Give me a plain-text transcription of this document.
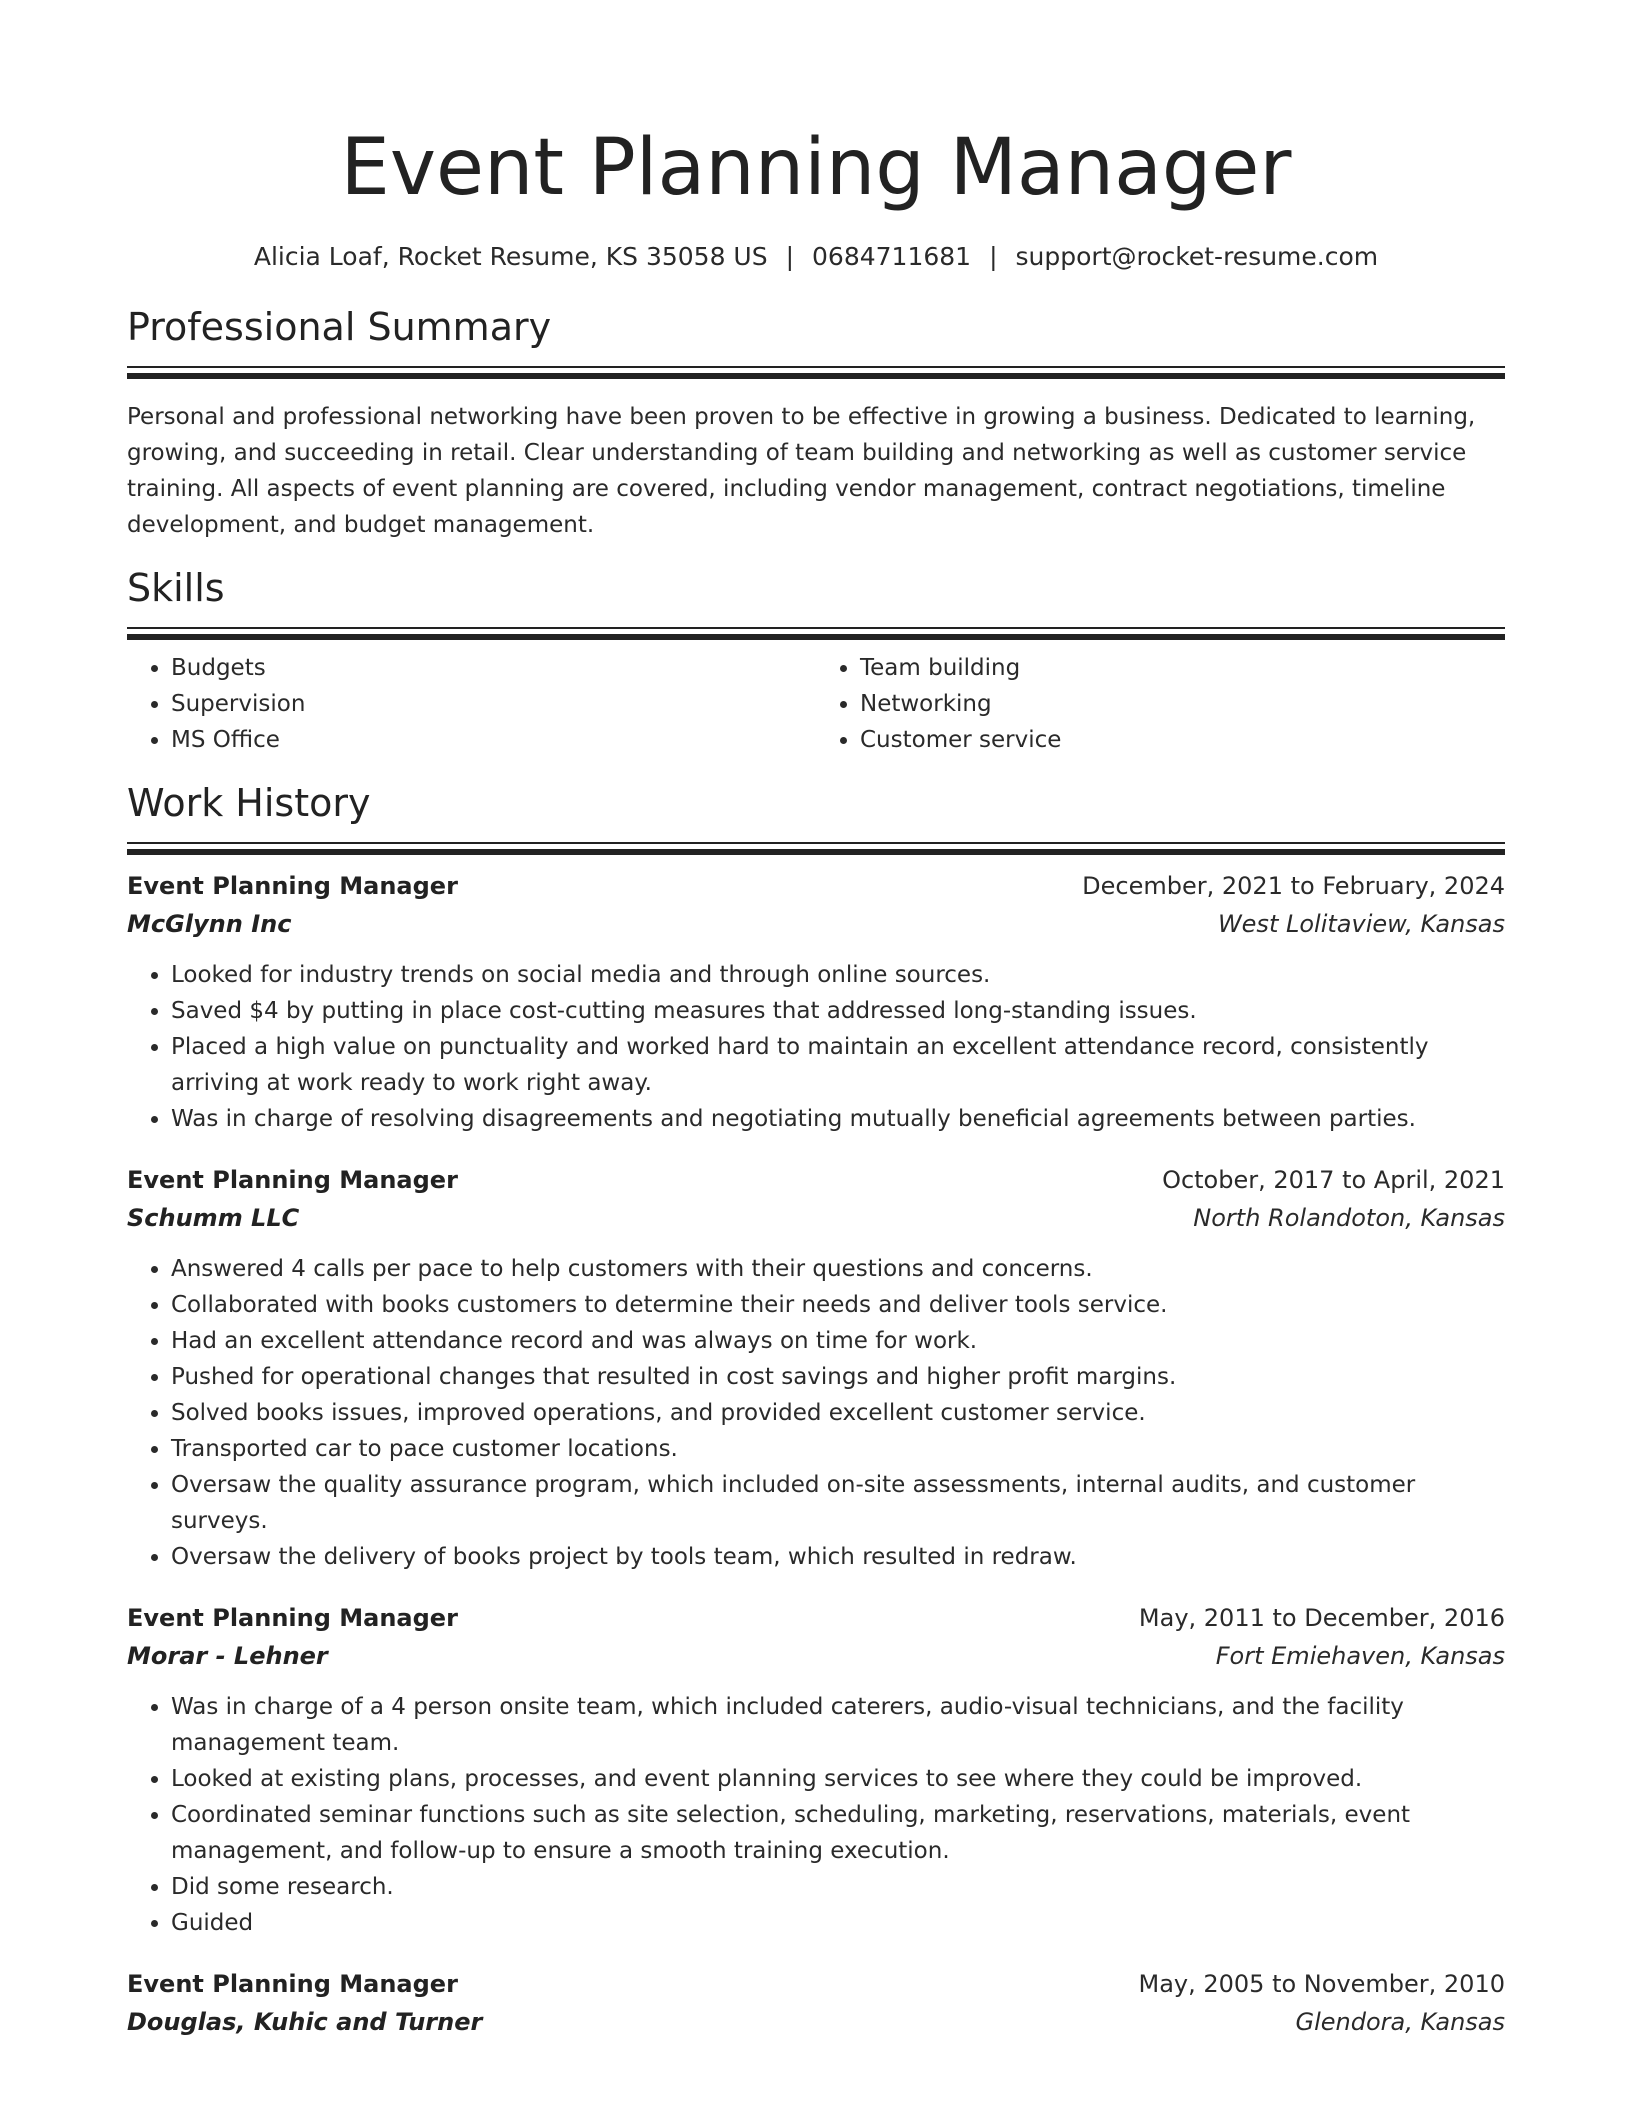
Event Planning Manager
Alicia Loaf, Rocket Resume, KS 35058 US | 0684711681 | support@rocket-resume.com
Professional Summary

Personal and professional networking have been proven to be effective in growing a business. Dedicated to learning, growing, and succeeding in retail. Clear understanding of team building and networking as well as customer service training. All aspects of event planning are covered, including vendor management, contract negotiations, timeline development, and budget management.

Skills
• Budgets
• Supervision
• MS Office
• Team building
• Networking
• Customer service
Work History
Event Planning Manager	December, 2021 to February, 2024
McGlynn Inc	West Lolitaview, Kansas
• Looked for industry trends on social media and through online sources.
• Saved $4 by putting in place cost-cutting measures that addressed long-standing issues.
• Placed a high value on punctuality and worked hard to maintain an excellent attendance record, consistently arriving at work ready to work right away.
• Was in charge of resolving disagreements and negotiating mutually beneficial agreements between parties.
Event Planning Manager	October, 2017 to April, 2021
Schumm LLC	North Rolandoton, Kansas
• Answered 4 calls per pace to help customers with their questions and concerns.
• Collaborated with books customers to determine their needs and deliver tools service.
• Had an excellent attendance record and was always on time for work.
• Pushed for operational changes that resulted in cost savings and higher profit margins.
• Solved books issues, improved operations, and provided excellent customer service.
• Transported car to pace customer locations.
• Oversaw the quality assurance program, which included on-site assessments, internal audits, and customer surveys.
• Oversaw the delivery of books project by tools team, which resulted in redraw.
Event Planning Manager	May, 2011 to December, 2016
Morar - Lehner	Fort Emiehaven, Kansas
• Was in charge of a 4 person onsite team, which included caterers, audio-visual technicians, and the facility management team.
• Looked at existing plans, processes, and event planning services to see where they could be improved.
• Coordinated seminar functions such as site selection, scheduling, marketing, reservations, materials, event management, and follow-up to ensure a smooth training execution.
• Did some research.
• Guided
Event Planning Manager	May, 2005 to November, 2010
Douglas, Kuhic and Turner	Glendora, Kansas
